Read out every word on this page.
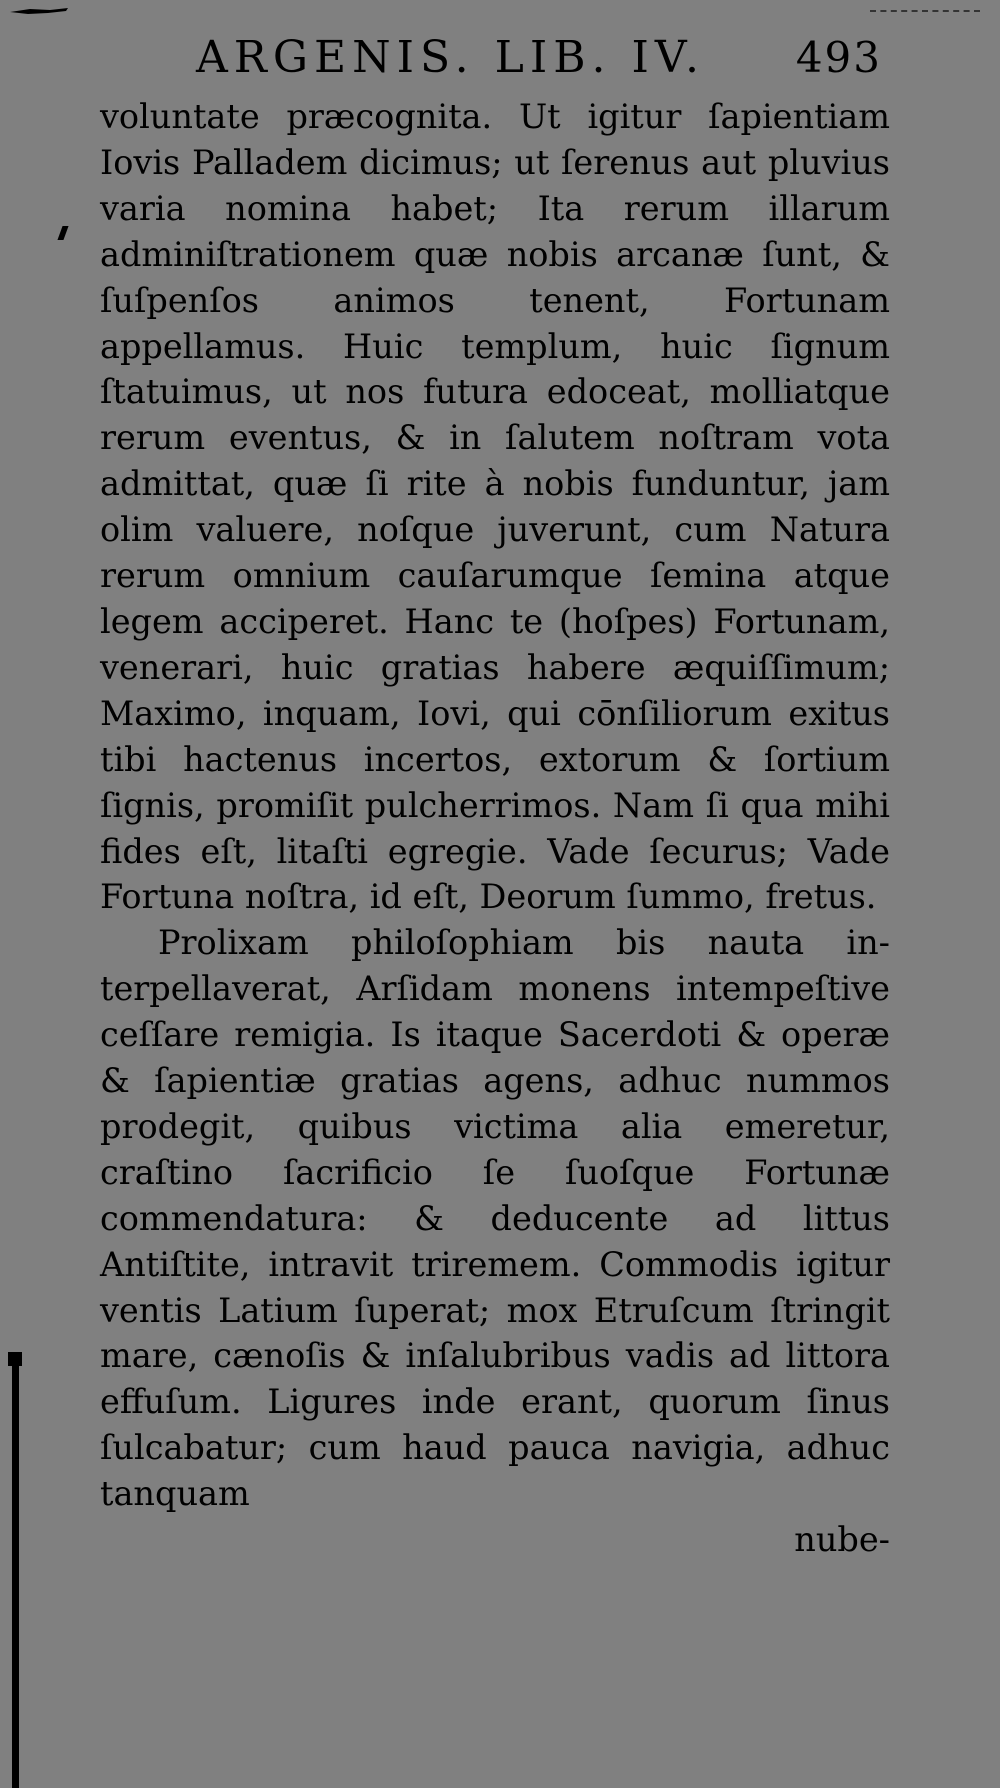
ARGENIS. LIB. IV. 493

voluntate præcognita. Ut igitur ſapientiam Iovis Palladem dicimus; ut ſerenus aut pluvius varia nomina habet; Ita rerum illarum adminiſtrationem quæ nobis arcanæ ſunt, & ſuſpenſos animos tenent, Fortunam appellamus. Huic templum, huic ſignum ſtatuimus, ut nos futura edoceat, molliatque rerum eventus, & in ſalutem noſtram vota admittat, quæ ſi rite à nobis funduntur, jam olim valuere, noſque juverunt, cum Natura rerum omnium cauſarumque ſemina atque legem acciperet. Hanc te (hoſpes) Fortunam, venerari, huic gratias habere æquiſſimum; Maximo, inquam, Iovi, qui cōnſiliorum exitus tibi hactenus incertos, extorum & ſortium ſignis, promiſit pulcherrimos. Nam ſi qua mihi fides eſt, litaſti egregie. Vade ſecurus; Vade Fortuna noſtra, id eſt, Deorum ſummo, fretus.

Prolixam philoſophiam bis nauta interpellaverat, Arſidam monens intempeſtive ceſſare remigia. Is itaque Sacerdoti & operæ & ſapientiæ gratias agens, adhuc nummos prodegit, quibus victima alia emeretur, craſtino ſacrificio ſe ſuoſque Fortunæ commendatura: & deducente ad littus Antiſtite, intravit triremem. Commodis igitur ventis Latium ſuperat; mox Etruſcum ſtringit mare, cænoſis & inſalubribus vadis ad littora effuſum. Ligures inde erant, quorum ſinus ſulcabatur; cum haud pauca navigia, adhuc tanquam

nube-
